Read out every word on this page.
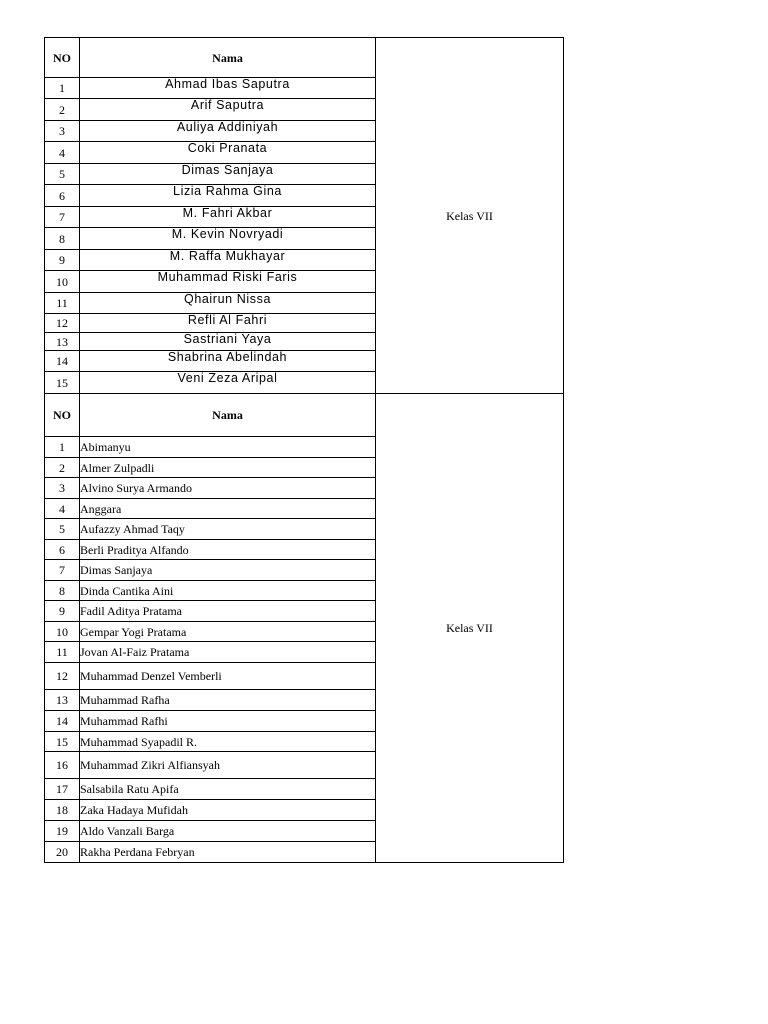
NO	Nama	Kelas VII
1	Ahmad Ibas Saputra	
2	Arif Saputra	
3	Auliya Addiniyah	
4	Coki Pranata	
5	Dimas Sanjaya	
6	Lizia Rahma Gina	
7	M. Fahri Akbar	
8	M. Kevin Novryadi	
9	M. Raffa Mukhayar	
10	Muhammad Riski Faris	
11	Qhairun Nissa	
12	Refli Al Fahri	
13	Sastriani Yaya	
14	Shabrina Abelindah	
15	Veni Zeza Aripal	
NO	Nama	Kelas VII
1	Abimanyu	
2	Almer Zulpadli	
3	Alvino Surya Armando	
4	Anggara	
5	Aufazzy Ahmad Taqy	
6	Berli Praditya Alfando	
7	Dimas Sanjaya	
8	Dinda Cantika Aini	
9	Fadil Aditya Pratama	
10	Gempar Yogi Pratama	
11	Jovan Al-Faiz Pratama	
12	Muhammad Denzel Vemberli	
13	Muhammad Rafha	
14	Muhammad Rafhi	
15	Muhammad Syapadil R.	
16	Muhammad Zikri Alfiansyah	
17	Salsabila Ratu Apifa	
18	Zaka Hadaya Mufidah	
19	Aldo Vanzali Barga	
20	Rakha Perdana Febryan	
